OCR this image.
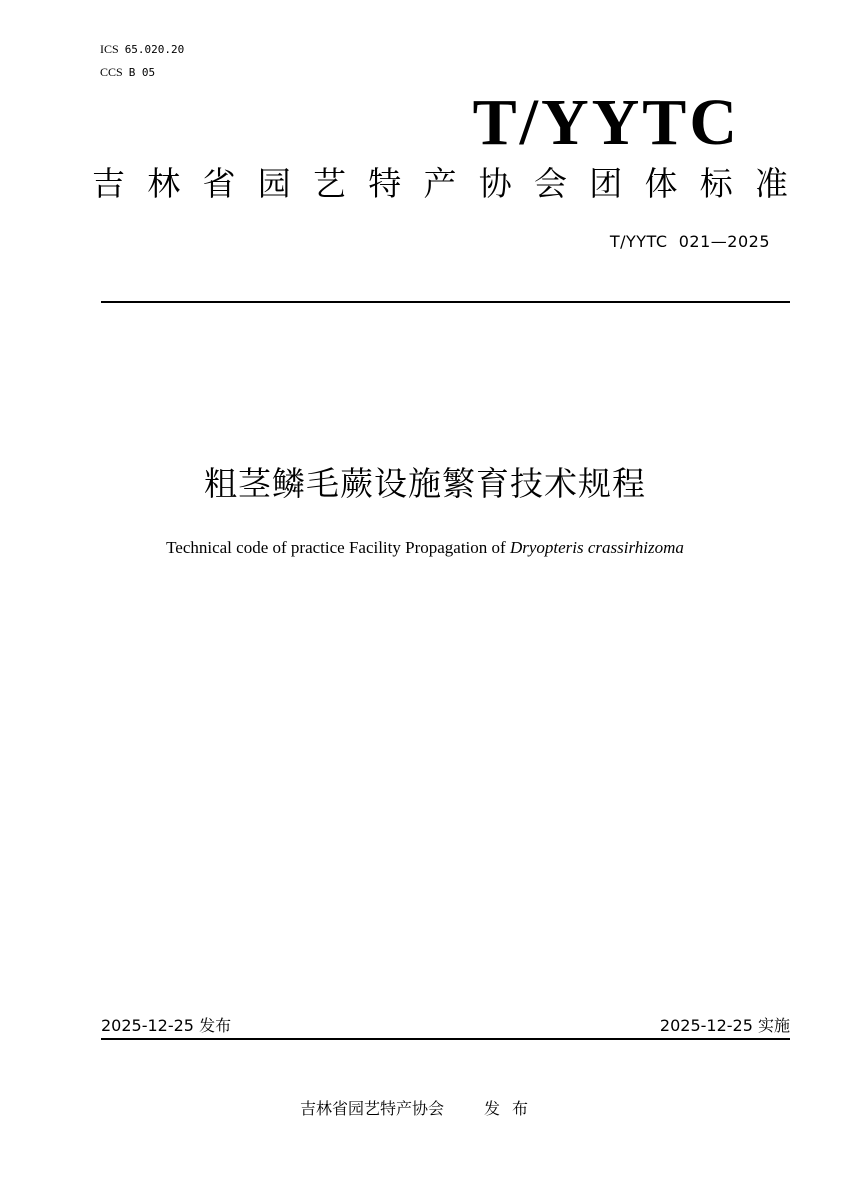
ICS 65.020.20
CCS B 05
T/YYTC
吉 林 省 园 艺 特 产 协 会 团 体 标 准
T/YYTC  021—2025
粗茎鳞毛蕨设施繁育技术规程
Technical code of practice Facility Propagation of Dryopteris crassirhizoma
2025-12-25 发布	2025-12-25 实施
吉林省园艺特产协会	发布
